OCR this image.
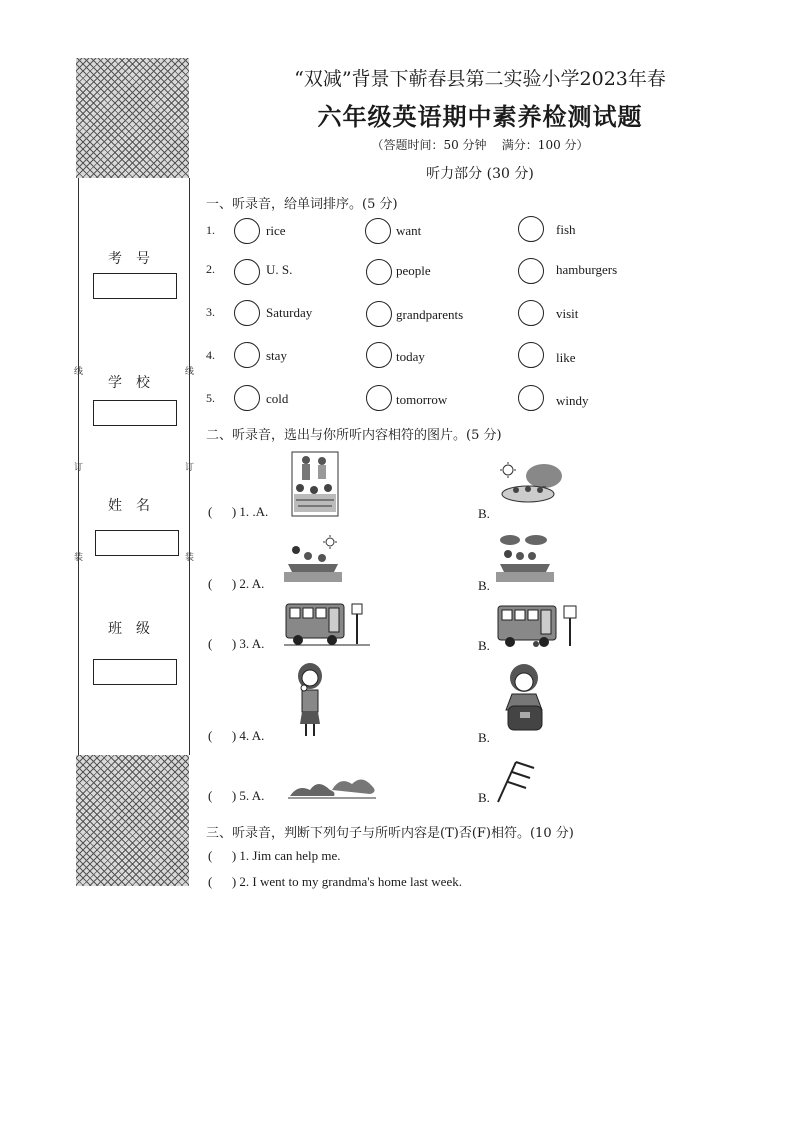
考号
学校
姓名
班级
线
订
装
线
订
装
“双减”背景下蕲春县第二实验小学2023年春
六年级英语期中素养检测试题
（答题时间：50 分钟    满分：100 分）
听力部分 (30 分)
一、听录音，给单词排序。(5 分)
1.	rice	want	fish
2.	U. S.	people	hamburgers
3.	Saturday	grandparents	visit
4.	stay	today	like
5.	cold	tomorrow	windy
二、听录音，选出与你所听内容相符的图片。(5 分)
(      ) 1. .A.	B.
(      ) 2. A.	B.
(      ) 3. A.	B.
(      ) 4. A.	B.
(      ) 5. A.	B.
三、听录音，判断下列句子与所听内容是(T)否(F)相符。(10 分)
(      ) 1. Jim can help me.
(      ) 2. I went to my grandma's home last week.
